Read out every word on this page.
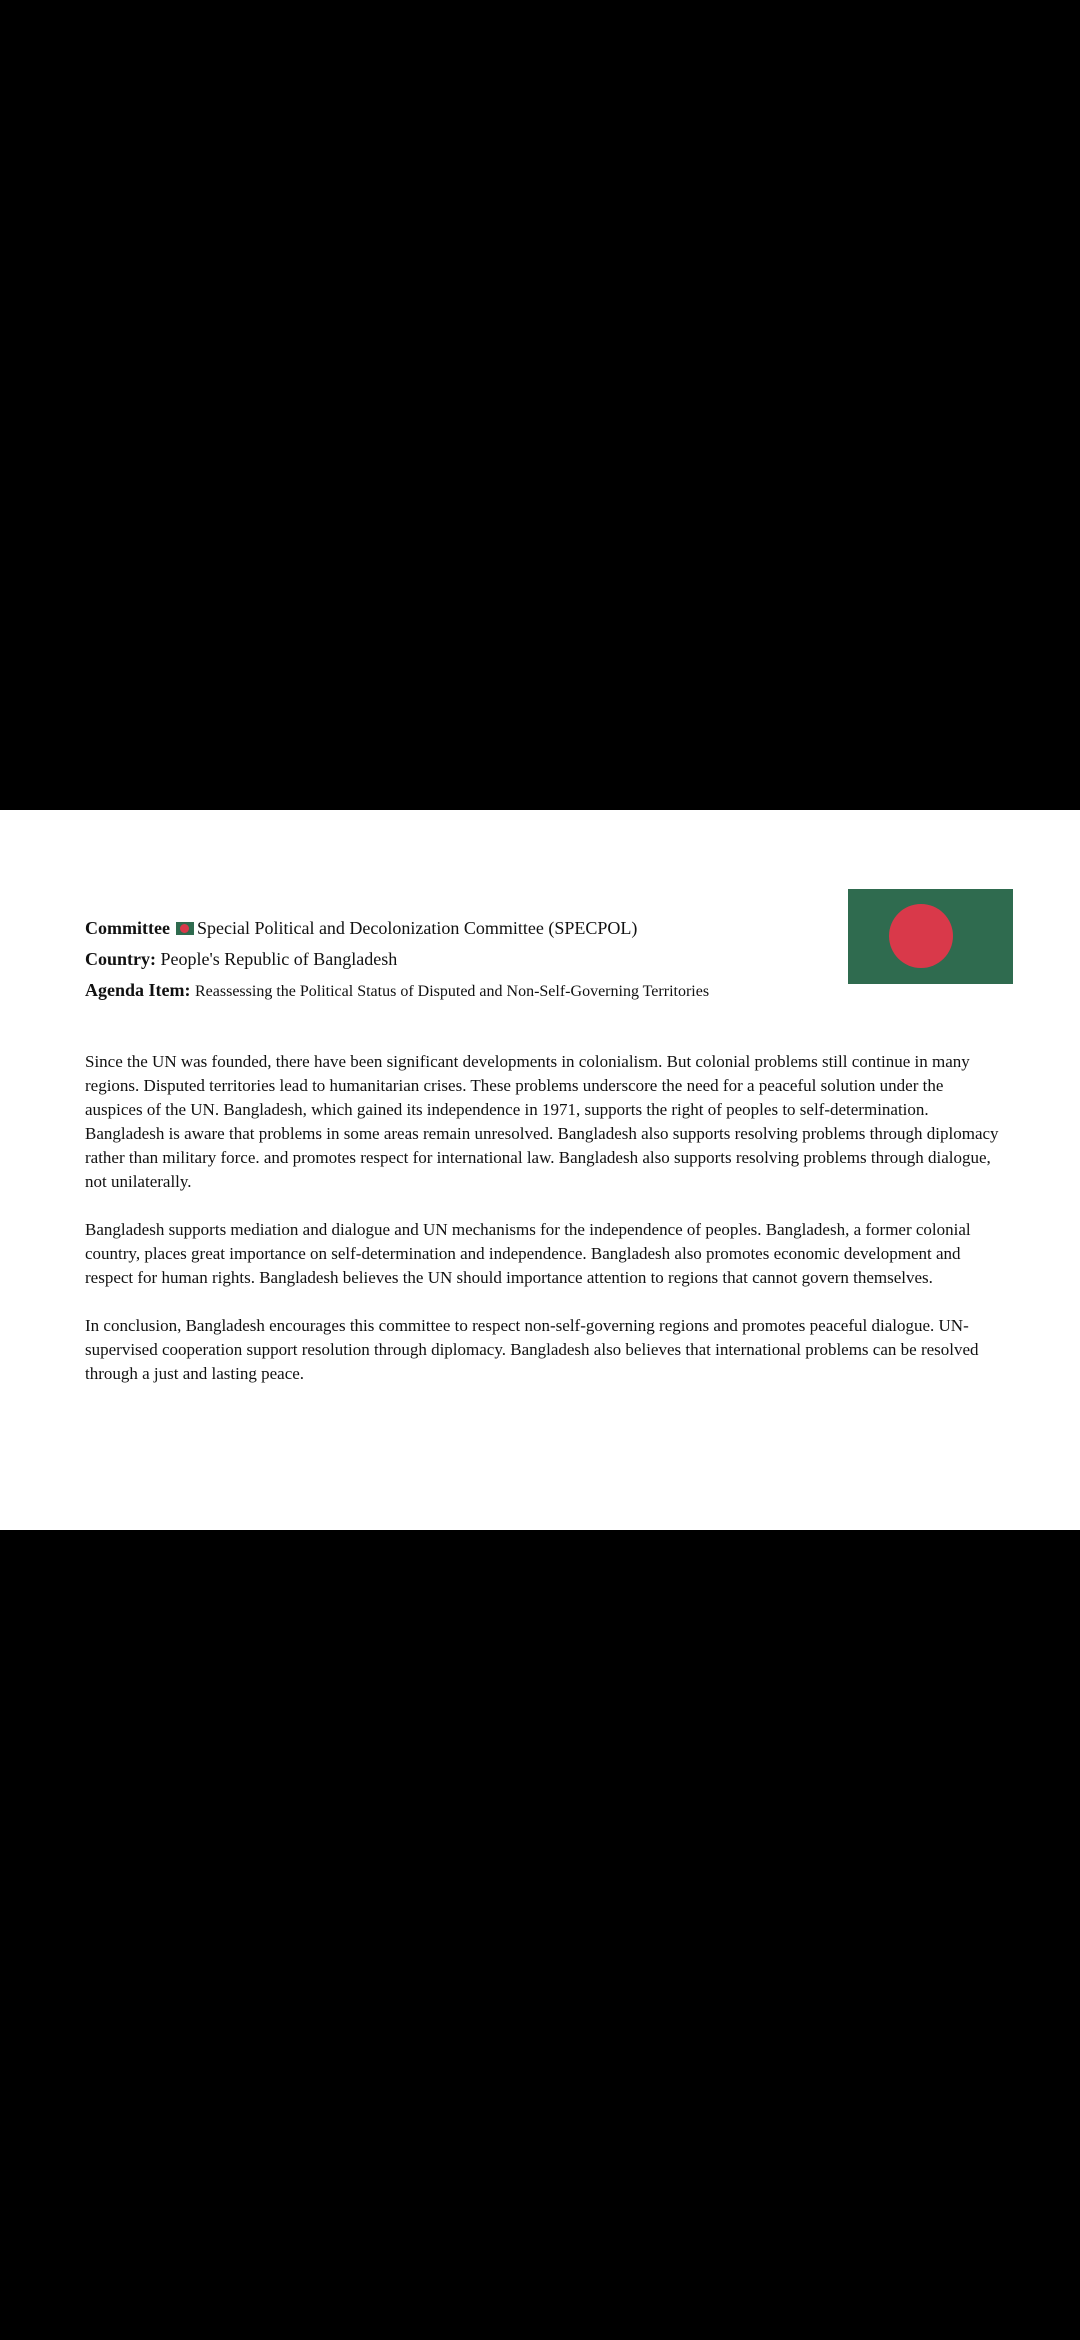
Committee Special Political and Decolonization Committee (SPECPOL)
Country: People's Republic of Bangladesh
Agenda Item: Reassessing the Political Status of Disputed and Non-Self-Governing Territories

Since the UN was founded, there have been significant developments in colonialism. But colonial problems still continue in many regions. Disputed territories lead to humanitarian crises. These problems underscore the need for a peaceful solution under the auspices of the UN. Bangladesh, which gained its independence in 1971, supports the right of peoples to self-determination. Bangladesh is aware that problems in some areas remain unresolved. Bangladesh also supports resolving problems through diplomacy rather than military force. and promotes respect for international law. Bangladesh also supports resolving problems through dialogue, not unilaterally.

Bangladesh supports mediation and dialogue and UN mechanisms for the independence of peoples. Bangladesh, a former colonial country, places great importance on self-determination and independence. Bangladesh also promotes economic development and respect for human rights. Bangladesh believes the UN should importance attention to regions that cannot govern themselves.

In conclusion, Bangladesh encourages this committee to respect non-self-governing regions and promotes peaceful dialogue. UN-supervised cooperation support resolution through diplomacy. Bangladesh also believes that international problems can be resolved through a just and lasting peace.
